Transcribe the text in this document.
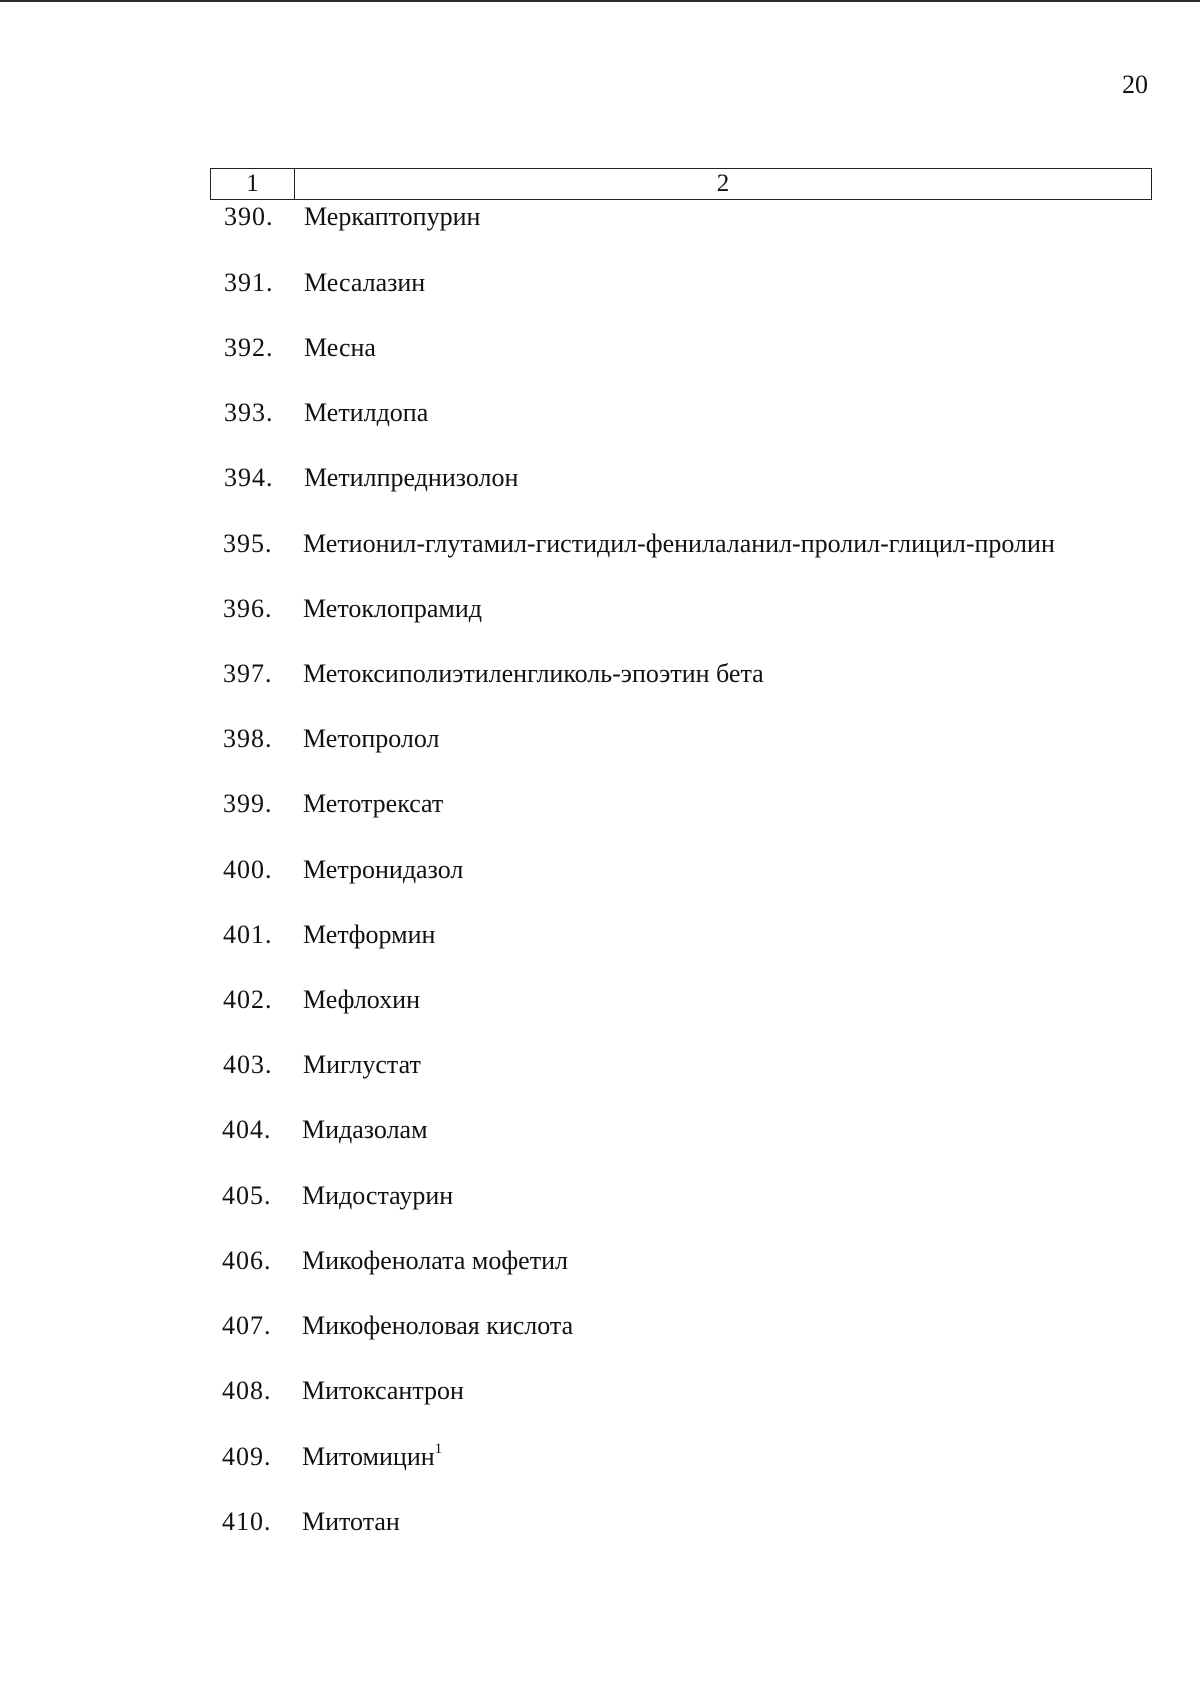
20
1	2
390.	Меркаптопурин
391.	Месалазин
392.	Месна
393.	Метилдопа
394.	Метилпреднизолон
395.	Метионил-глутамил-гистидил-фенилаланил-пролил-глицил-пролин
396.	Метоклопрамид
397.	Метоксиполиэтиленгликоль-эпоэтин бета
398.	Метопролол
399.	Метотрексат
400.	Метронидазол
401.	Метформин
402.	Мефлохин
403.	Миглустат
404.	Мидазолам
405.	Мидостаурин
406.	Микофенолата мофетил
407.	Микофеноловая кислота
408.	Митоксантрон
409.	Митомицин$^1$
410.	Митотан
